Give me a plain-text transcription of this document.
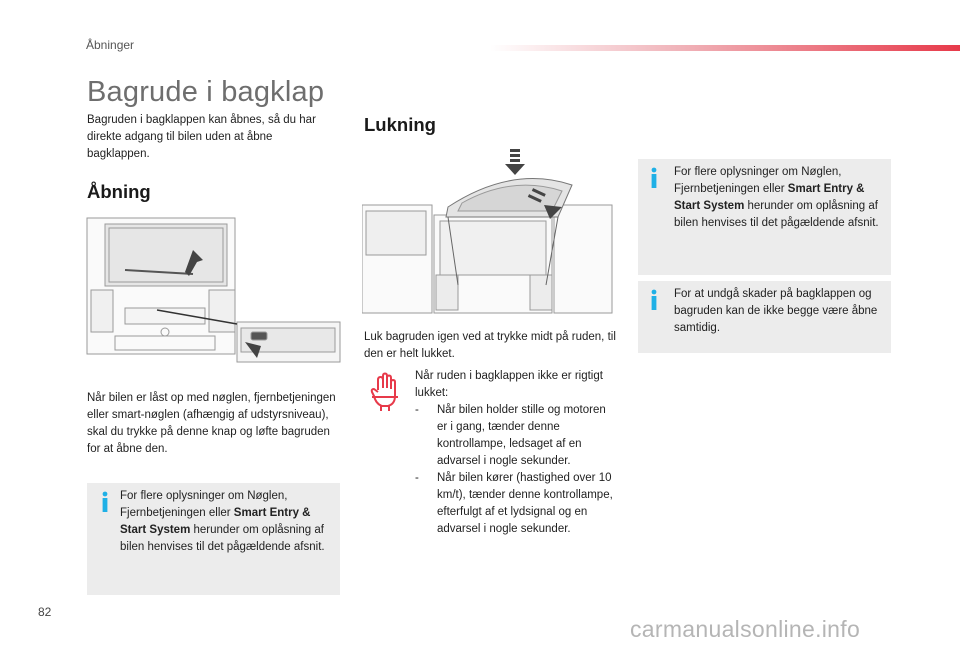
Åbninger
Bagrude i bagklap
Bagruden i bagklappen kan åbnes, så du har direkte adgang til bilen uden at åbne bagklappen.
Åbning
Når bilen er låst op med nøglen, fjernbetjeningen eller smart-nøglen (afhængig af udstyrsniveau), skal du trykke på denne knap og løfte bagruden for at åbne den.
For flere oplysninger om Nøglen, Fjernbetjeningen eller Smart Entry & Start System herunder om oplåsning af bilen henvises til det pågældende afsnit.
Lukning
Luk bagruden igen ved at trykke midt på ruden, til den er helt lukket.
Når ruden i bagklappen ikke er rigtigt lukket:
- Når bilen holder stille og motoren er i gang, tænder denne kontrollampe, ledsaget af en advarsel i nogle sekunder.
- Når bilen kører (hastighed over 10 km/t), tænder denne kontrollampe, efterfulgt af et lydsignal og en advarsel i nogle sekunder.
For flere oplysninger om Nøglen, Fjernbetjeningen eller Smart Entry & Start System herunder om oplåsning af bilen henvises til det pågældende afsnit.
For at undgå skader på bagklappen og bagruden kan de ikke begge være åbne samtidig.
82
carmanualsonline.info
